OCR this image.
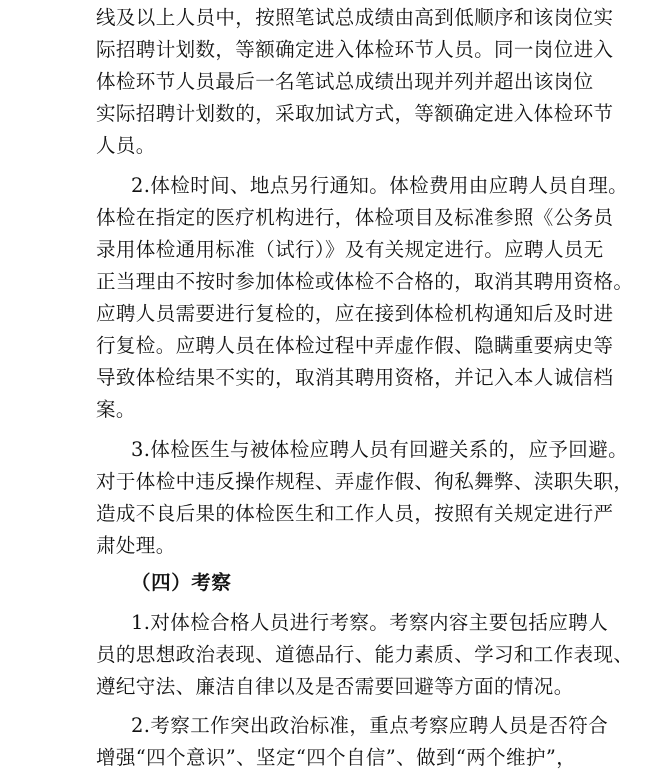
线及以上人员中，按照笔试总成绩由高到低顺序和该岗位实
际招聘计划数，等额确定进入体检环节人员。同一岗位进入
体检环节人员最后一名笔试总成绩出现并列并超出该岗位
实际招聘计划数的，采取加试方式，等额确定进入体检环节
人员。
2.体检时间、地点另行通知。体检费用由应聘人员自理。
体检在指定的医疗机构进行，体检项目及标准参照《公务员
录用体检通用标准（试行）》及有关规定进行。应聘人员无
正当理由不按时参加体检或体检不合格的，取消其聘用资格。
应聘人员需要进行复检的，应在接到体检机构通知后及时进
行复检。应聘人员在体检过程中弄虚作假、隐瞒重要病史等
导致体检结果不实的，取消其聘用资格，并记入本人诚信档
案。
3.体检医生与被体检应聘人员有回避关系的，应予回避。
对于体检中违反操作规程、弄虚作假、徇私舞弊、渎职失职，
造成不良后果的体检医生和工作人员，按照有关规定进行严
肃处理。
（四）考察
1.对体检合格人员进行考察。考察内容主要包括应聘人
员的思想政治表现、道德品行、能力素质、学习和工作表现、
遵纪守法、廉洁自律以及是否需要回避等方面的情况。
2.考察工作突出政治标准，重点考察应聘人员是否符合
增强“四个意识”、坚定“四个自信”、做到“两个维护”，
